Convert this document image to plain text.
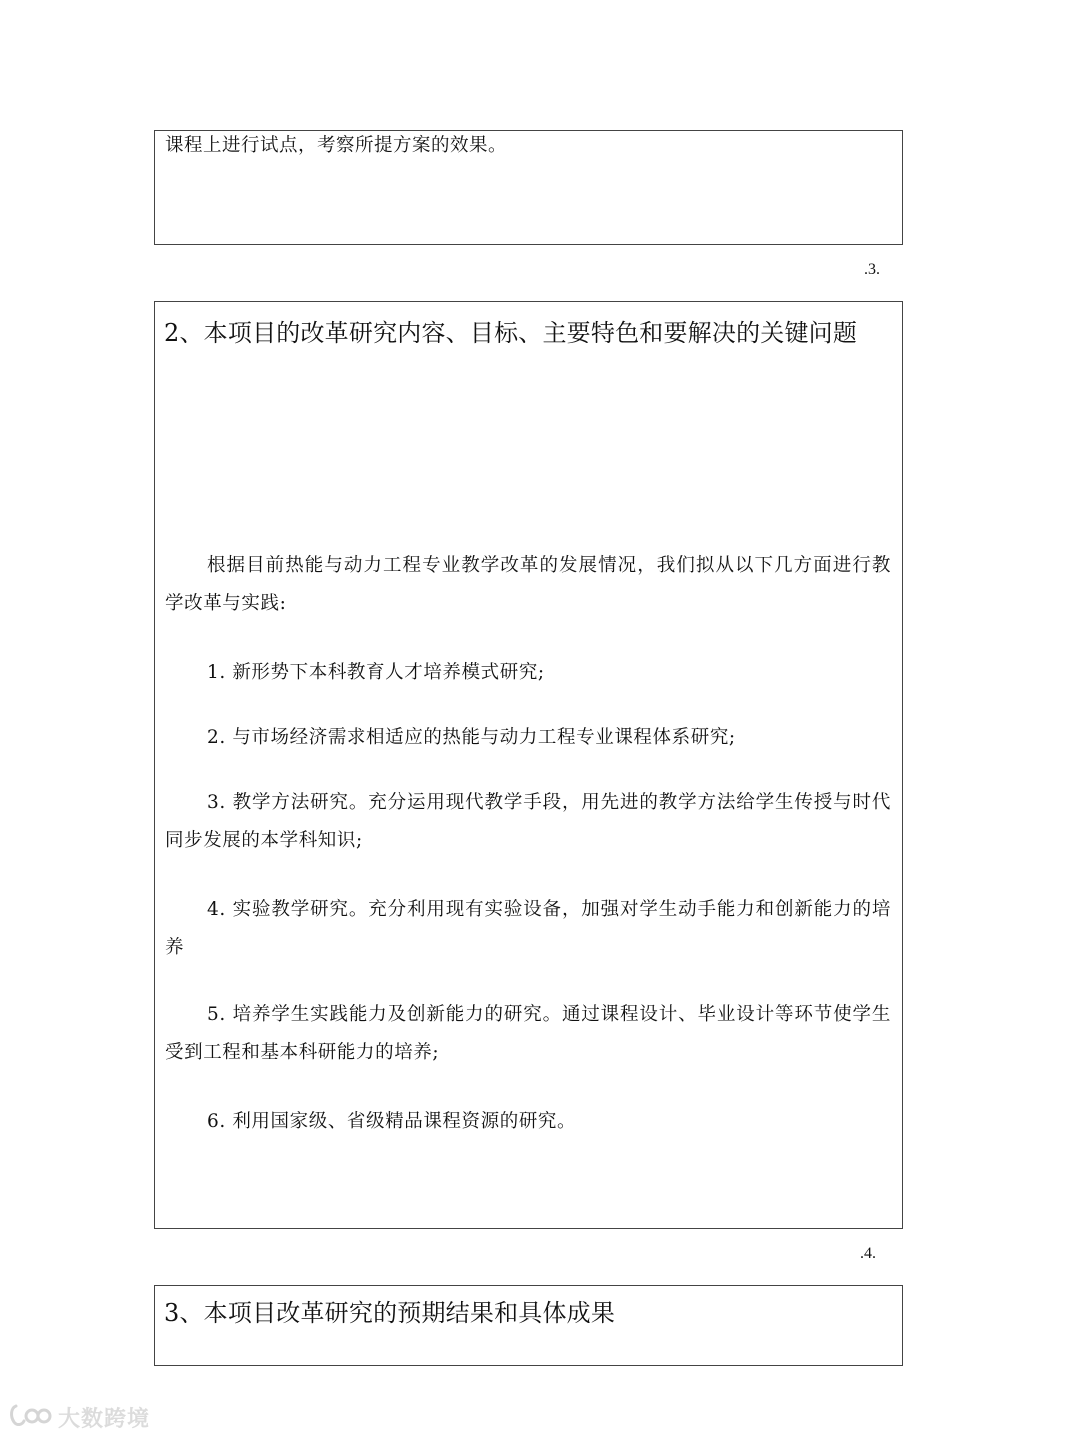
课程上进行试点，考察所提方案的效果。
.3.
2、本项目的改革研究内容、目标、主要特色和要解决的关键问题
根据目前热能与动力工程专业教学改革的发展情况，我们拟从以下几方面进行教学改革与实践:
1. 新形势下本科教育人才培养模式研究;
2. 与市场经济需求相适应的热能与动力工程专业课程体系研究;
3. 教学方法研究。充分运用现代教学手段，用先进的教学方法给学生传授与时代同步发展的本学科知识;
4. 实验教学研究。充分利用现有实验设备，加强对学生动手能力和创新能力的培养
5. 培养学生实践能力及创新能力的研究。通过课程设计、毕业设计等环节使学生受到工程和基本科研能力的培养;
6. 利用国家级、省级精品课程资源的研究。
.4.
3、本项目改革研究的预期结果和具体成果
大数跨境
